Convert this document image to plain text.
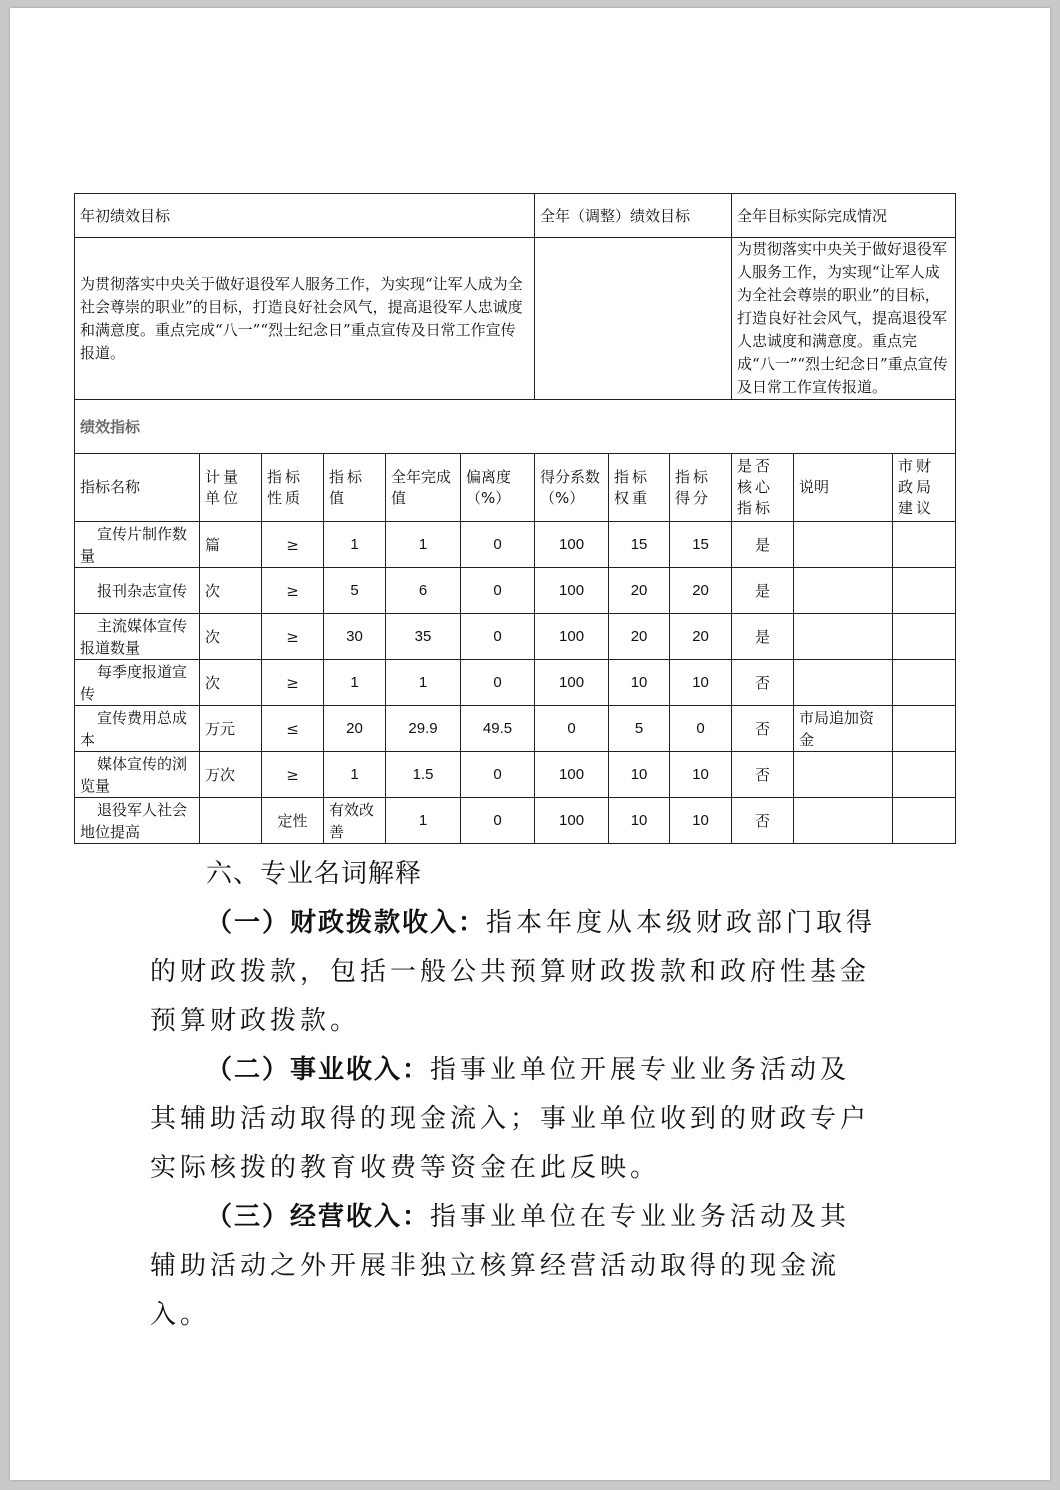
年初绩效目标						全年（调整）绩效目标			全年目标实际完成情况		
为贯彻落实中央关于做好退役军人服务工作，为实现“让军人成为全社会尊崇的职业”的目标，打造良好社会风气，提高退役军人忠诚度和满意度。重点完成“八一”“烈士纪念日”重点宣传及日常工作宣传报道。									为贯彻落实中央关于做好退役军人服务工作，为实现“让军人成为全社会尊崇的职业”的目标，打造良好社会风气，提高退役军人忠诚度和满意度。重点完成“八一”“烈士纪念日”重点宣传及日常工作宣传报道。		
绩效指标											
指标名称	计量单位	指标性质	指标值	全年完成值	偏离度（%）	得分系数（%）	指标权重	指标得分	是否核心指标	说明	市财政局建议
宣传片制作数量	篇	≥	1	1	0	100	15	15	是		
报刊杂志宣传	次	≥	5	6	0	100	20	20	是		
主流媒体宣传报道数量	次	≥	30	35	0	100	20	20	是		
每季度报道宣传	次	≥	1	1	0	100	10	10	否		
宣传费用总成本	万元	≤	20	29.9	49.5	0	5	0	否	市局追加资金	
媒体宣传的浏览量	万次	≥	1	1.5	0	100	10	10	否		
退役军人社会地位提高		定性	有效改善	1	0	100	10	10	否		

六、专业名词解释

（一）财政拨款收入：指本年度从本级财政部门取得的财政拨款，包括一般公共预算财政拨款和政府性基金预算财政拨款。

（二）事业收入：指事业单位开展专业业务活动及其辅助活动取得的现金流入；事业单位收到的财政专户实际核拨的教育收费等资金在此反映。

（三）经营收入：指事业单位在专业业务活动及其辅助活动之外开展非独立核算经营活动取得的现金流入。
